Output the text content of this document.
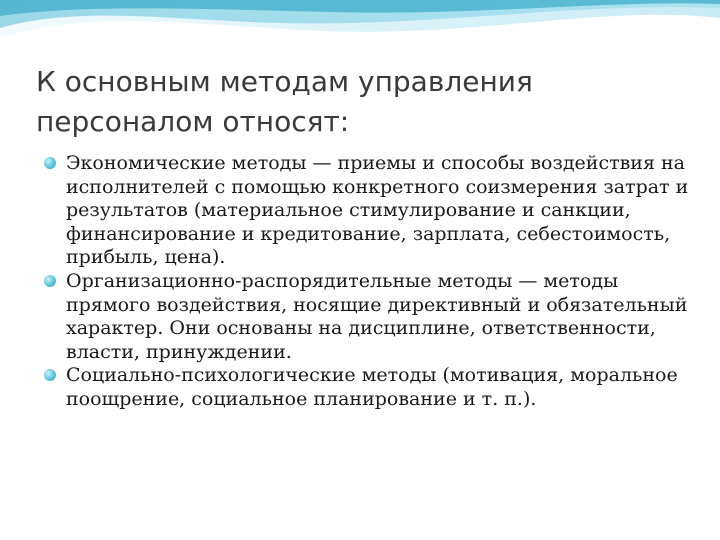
К основным методам управления персоналом относят:
Экономические методы — приемы и способы воздействия на исполнителей с помощью конкретного соизмерения затрат и результатов (материальное стимулирование и санкции, финансирование и кредитование, зарплата, себестоимость, прибыль, цена).
Организационно-распорядительные методы — методы прямого воздействия, носящие директивный и обязательный характер. Они основаны на дисциплине, ответственности, власти, принуждении.
Социально-психологические методы (мотивация, моральное поощрение, социальное планирование и т. п.).
